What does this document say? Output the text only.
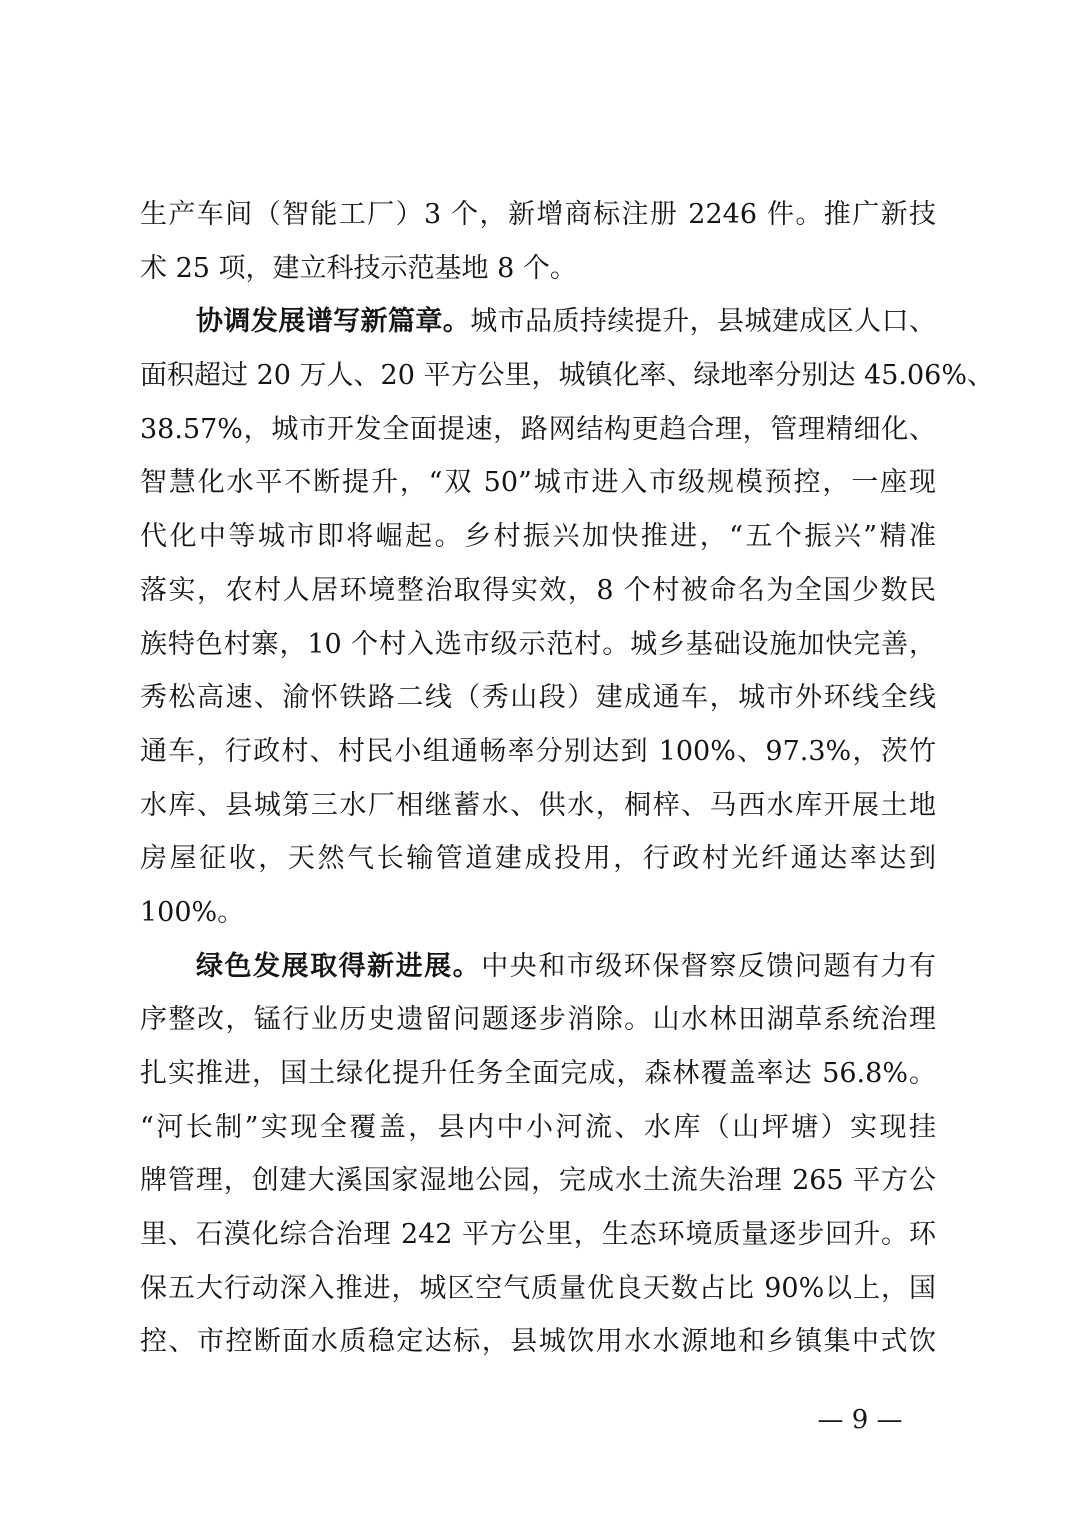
生产车间（智能工厂）3 个，新增商标注册 2246 件。推广新技
术 25 项，建立科技示范基地 8 个。
协调发展谱写新篇章。城市品质持续提升，县城建成区人口、
面积超过 20 万人、20 平方公里，城镇化率、绿地率分别达 45.06%、
38.57%，城市开发全面提速，路网结构更趋合理，管理精细化、
智慧化水平不断提升，“双 50”城市进入市级规模预控，一座现
代化中等城市即将崛起。乡村振兴加快推进，“五个振兴”精准
落实，农村人居环境整治取得实效，8 个村被命名为全国少数民
族特色村寨，10 个村入选市级示范村。城乡基础设施加快完善，
秀松高速、渝怀铁路二线（秀山段）建成通车，城市外环线全线
通车，行政村、村民小组通畅率分别达到 100%、97.3%，茨竹
水库、县城第三水厂相继蓄水、供水，桐梓、马西水库开展土地
房屋征收，天然气长输管道建成投用，行政村光纤通达率达到
100%。
绿色发展取得新进展。中央和市级环保督察反馈问题有力有
序整改，锰行业历史遗留问题逐步消除。山水林田湖草系统治理
扎实推进，国土绿化提升任务全面完成，森林覆盖率达 56.8%。
“河长制”实现全覆盖，县内中小河流、水库（山坪塘）实现挂
牌管理，创建大溪国家湿地公园，完成水土流失治理 265 平方公
里、石漠化综合治理 242 平方公里，生态环境质量逐步回升。环
保五大行动深入推进，城区空气质量优良天数占比 90%以上，国
控、市控断面水质稳定达标，县城饮用水水源地和乡镇集中式饮
— 9 —
